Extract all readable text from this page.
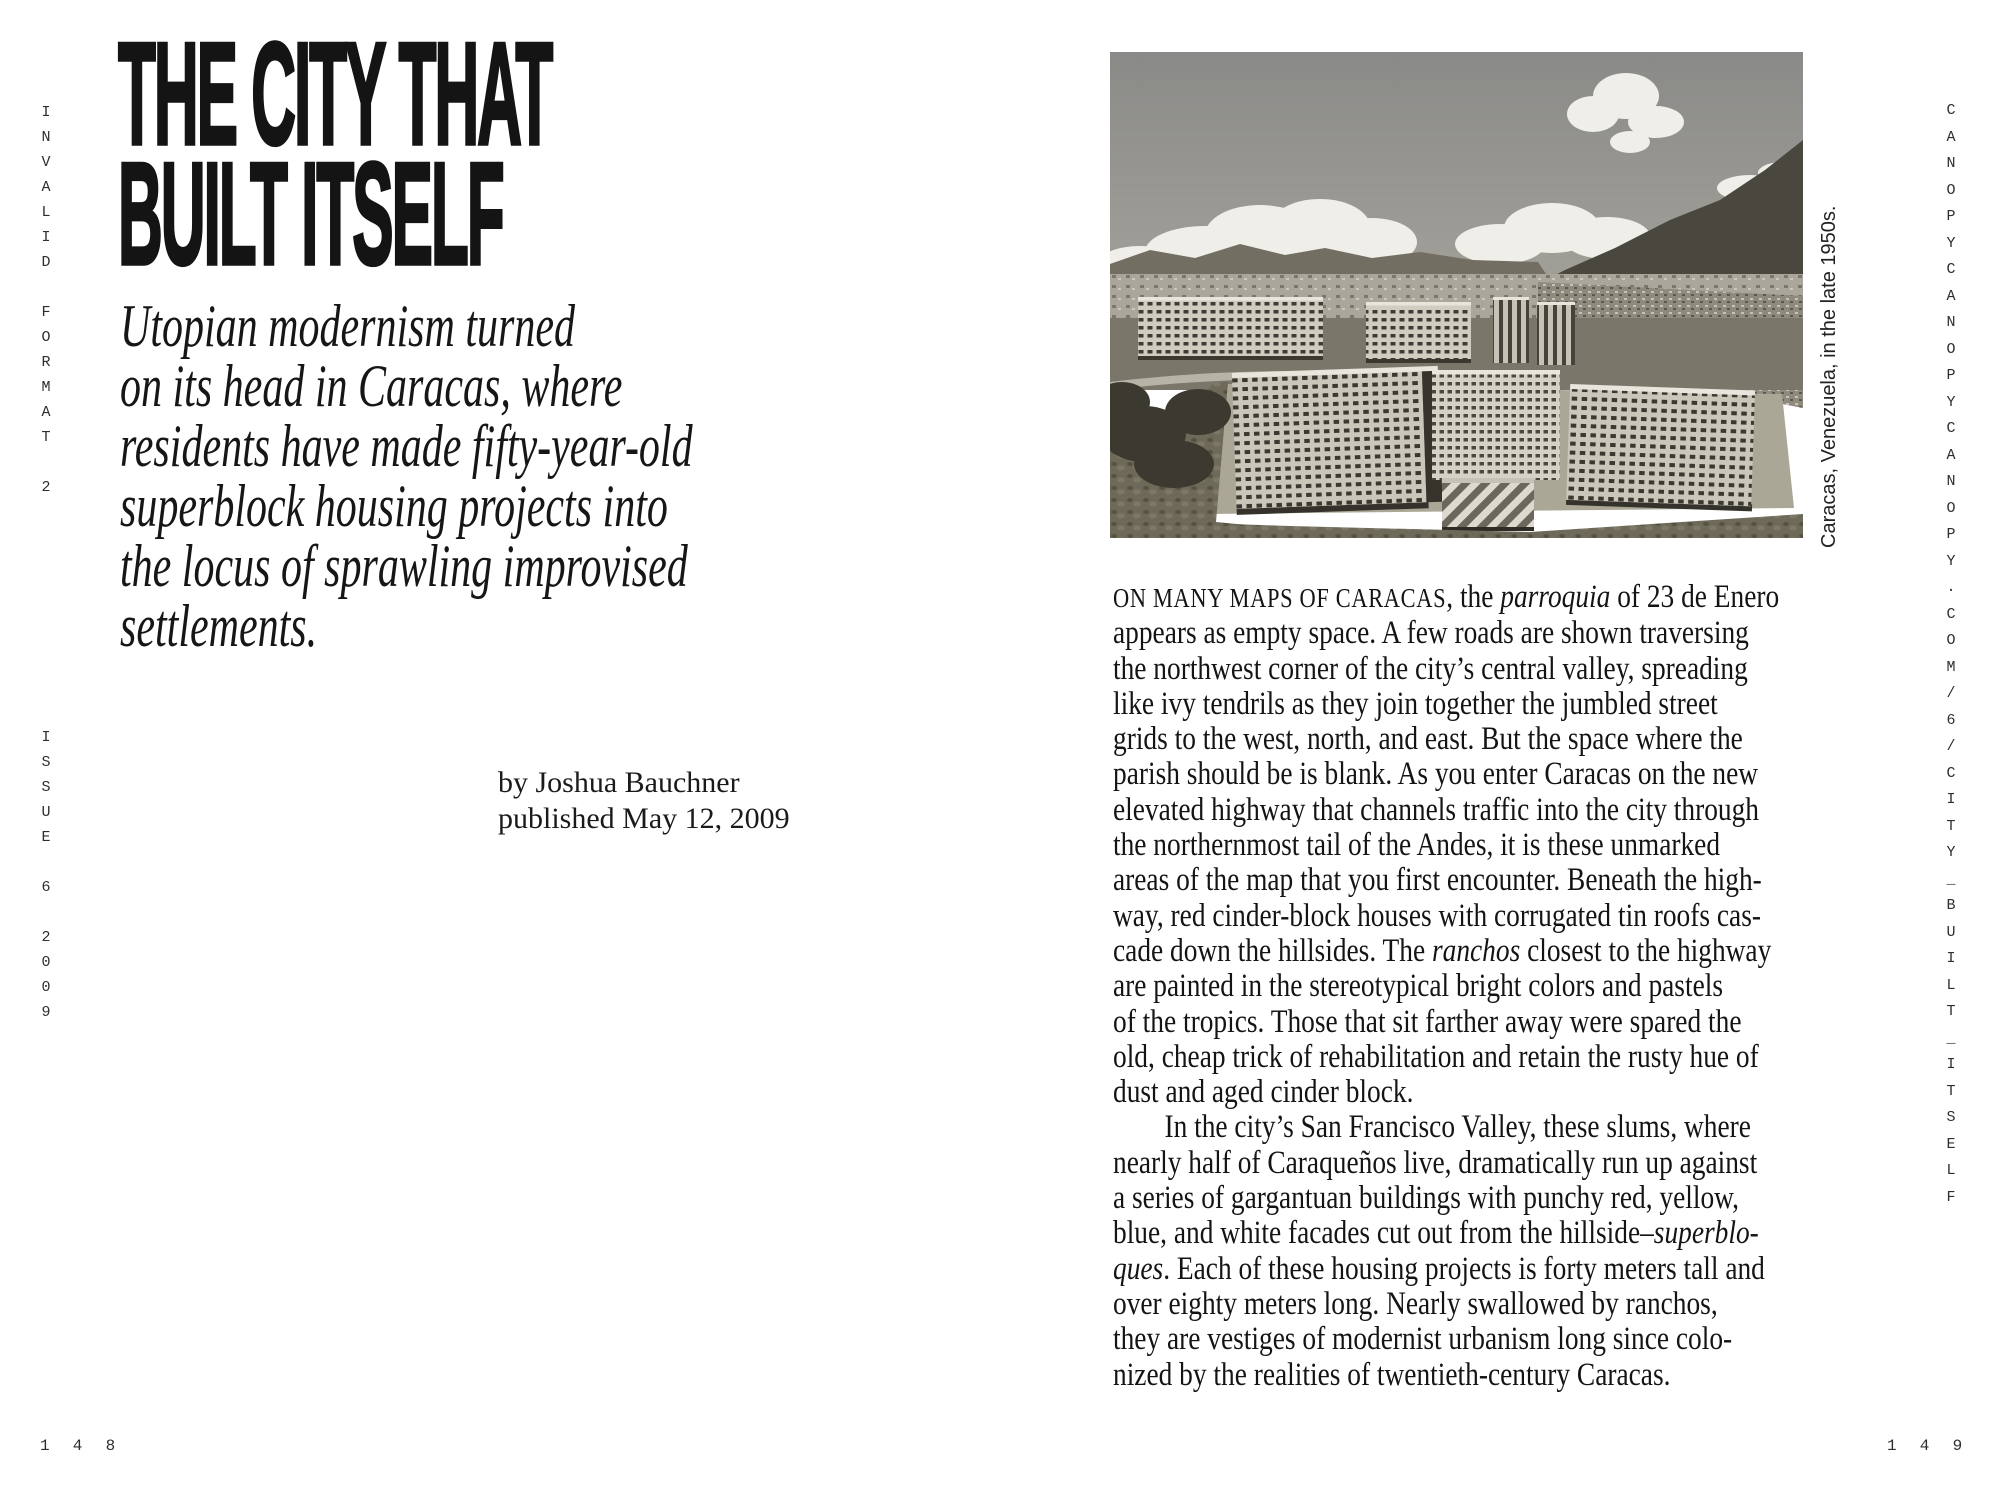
I
N
V
A
L
I
D
F
O
R
M
A
T
2
I
S
S
U
E
6
2
0
0
9
C
A
N
O
P
Y
C
A
N
O
P
Y
C
A
N
O
P
Y
.
C
O
M
/
6
/
C
I
T
Y
_
B
U
I
L
T
_
I
T
S
E
L
F
148	149
THE CITY THAT
BUILT ITSELF
Utopian modernism turned
on its head in Caracas, where
residents have made fifty-year-old
superblock housing projects into
the locus of sprawling improvised
settlements.
by Joshua Bauchner
published May 12, 2009
Caracas, Venezuela, in the late 1950s.
ON MANY MAPS OF CARACAS, the parroquia of 23 de Enero
appears as empty space. A few roads are shown traversing
the northwest corner of the city’s central valley, spreading
like ivy tendrils as they join together the jumbled street
grids to the west, north, and east. But the space where the
parish should be is blank. As you enter Caracas on the new
elevated highway that channels traffic into the city through
the northernmost tail of the Andes, it is these unmarked
areas of the map that you first encounter. Beneath the high-
way, red cinder-block houses with corrugated tin roofs cas-
cade down the hillsides. The ranchos closest to the highway
are painted in the stereotypical bright colors and pastels
of the tropics. Those that sit farther away were spared the
old, cheap trick of rehabilitation and retain the rusty hue of
dust and aged cinder block.
In the city’s San Francisco Valley, these slums, where
nearly half of Caraqueños live, dramatically run up against
a series of gargantuan buildings with punchy red, yellow,
blue, and white facades cut out from the hillside–superblo-
ques. Each of these housing projects is forty meters tall and
over eighty meters long. Nearly swallowed by ranchos,
they are vestiges of modernist urbanism long since colo-
nized by the realities of twentieth-century Caracas.
